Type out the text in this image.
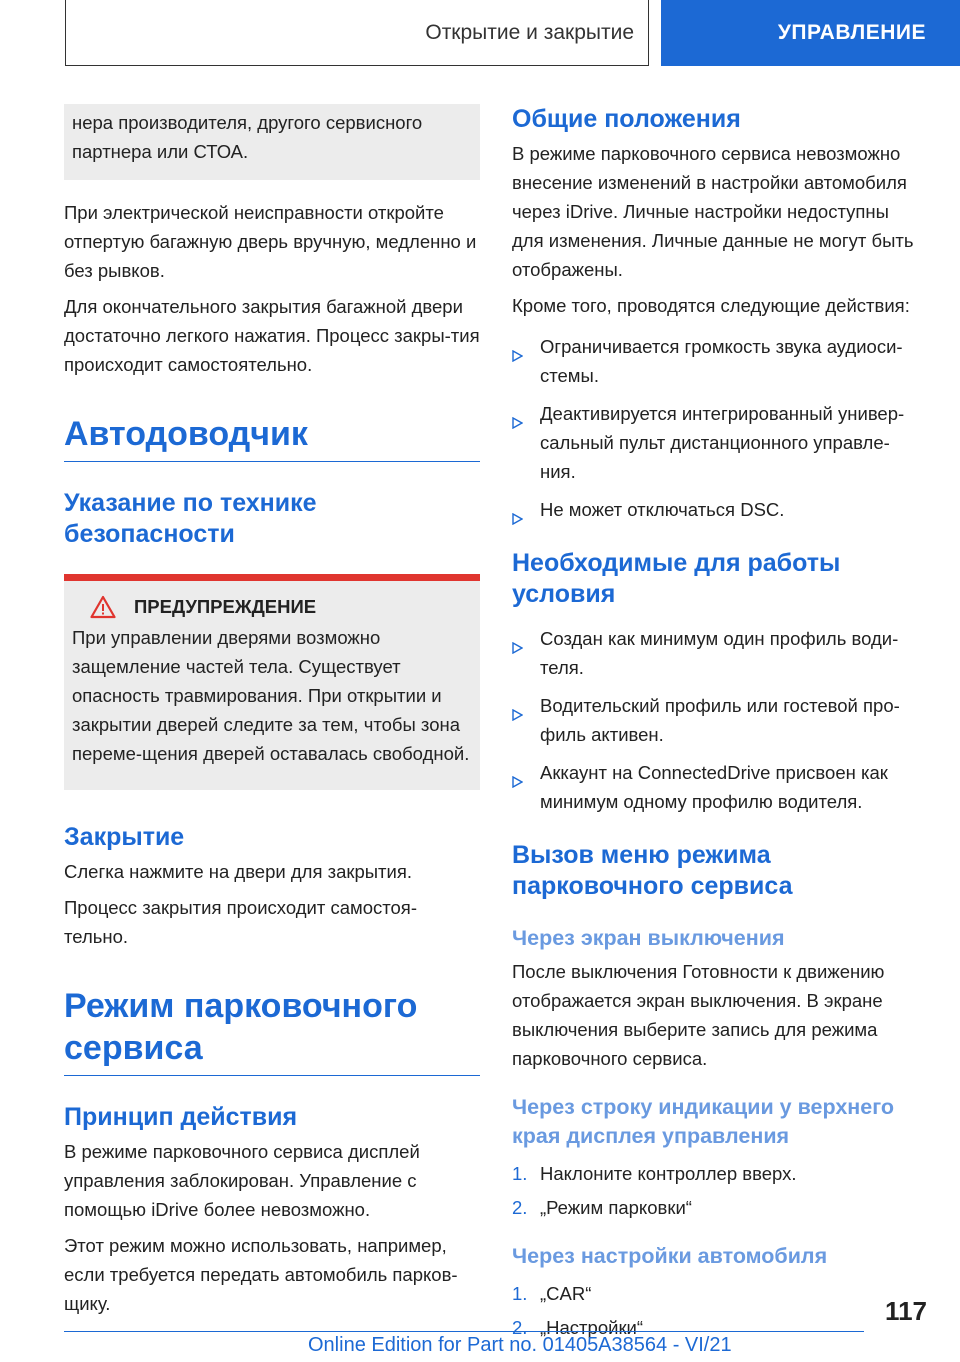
Открытие и закрытие	УПРАВЛЕНИЕ

нера производителя, другого сервисного партнера или СТОА.

При электрической неисправности откройте отпертую багажную дверь вручную, медленно и без рывков.

Для окончательного закрытия багажной двери достаточно легкого нажатия. Процесс закры-тия происходит самостоятельно.

Автодоводчик
Указание по технике безопасности
ПРЕДУПРЕЖДЕНИЕ

При управлении дверями возможно защемление частей тела. Существует опасность травмирования. При открытии и закрытии дверей следите за тем, чтобы зона переме-щения дверей оставалась свободной.

Закрытие

Слегка нажмите на двери для закрытия.

Процесс закрытия происходит самостоя-тельно.

Режим парковочного сервиса
Принцип действия

В режиме парковочного сервиса дисплей управления заблокирован. Управление с помощью iDrive более невозможно.

Этот режим можно использовать, например, если требуется передать автомобиль парков-щику.

Общие положения

В режиме парковочного сервиса невозможно внесение изменений в настройки автомобиля через iDrive. Личные настройки недоступны для изменения. Личные данные не могут быть отображены.

Кроме того, проводятся следующие действия:

Ограничивается громкость звука аудиоси-стемы.
Деактивируется интегрированный универ-сальный пульт дистанционного управле-ния.
Не может отключаться DSC.
Необходимые для работы условия
Создан как минимум один профиль води-теля.
Водительский профиль или гостевой про-филь активен.
Аккаунт на ConnectedDrive присвоен как минимум одному профилю водителя.
Вызов меню режима парковочного сервиса
Через экран выключения

После выключения Готовности к движению отображается экран выключения. В экране выключения выберите запись для режима парковочного сервиса.

Через строку индикации у верхнего края дисплея управления
1. Наклоните контроллер вверх.
2. „Режим парковки“
Через настройки автомобиля
1. „CAR“
2. „Настройки“
117
Online Edition for Part no. 01405A38564 - VI/21
